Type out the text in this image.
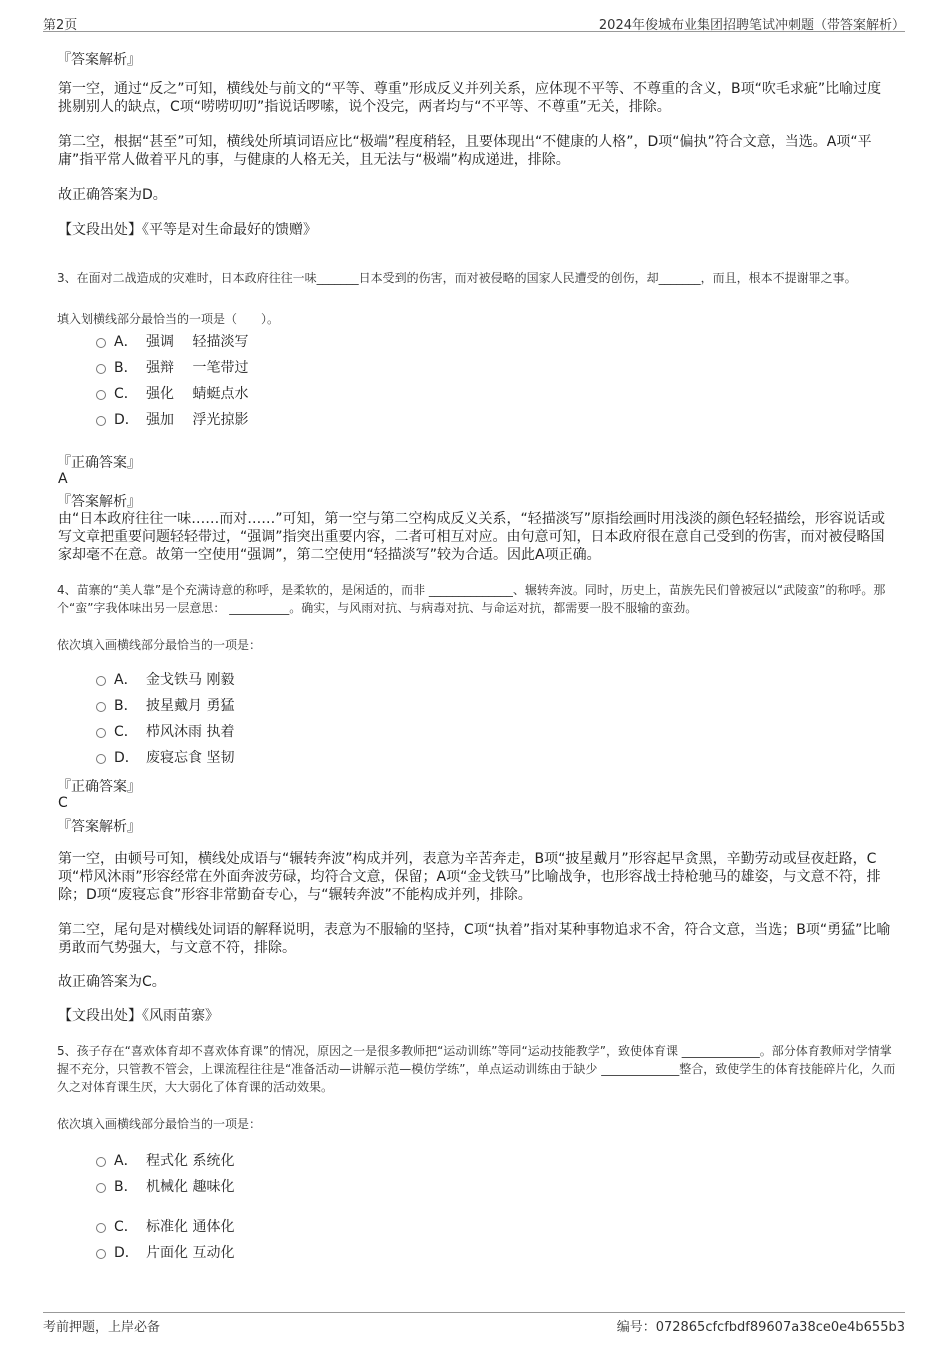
第2页	2024年俊城布业集团招聘笔试冲刺题（带答案解析）
『答案解析』
第一空，通过“反之”可知，横线处与前文的“平等、尊重”形成反义并列关系，应体现不平等、不尊重的含义，B项“吹毛求疵”比喻过度挑剔别人的缺点，C项“唠唠叨叨”指说话啰嗦，说个没完，两者均与“不平等、不尊重”无关，排除。
第二空，根据“甚至”可知，横线处所填词语应比“极端”程度稍轻，且要体现出“不健康的人格”，D项“偏执”符合文意，当选。A项“平庸”指平常人做着平凡的事，与健康的人格无关，且无法与“极端”构成递进，排除。
故正确答案为D。
【文段出处】《平等是对生命最好的馈赠》
3、在面对二战造成的灾难时，日本政府往往一味_______日本受到的伤害，而对被侵略的国家人民遭受的创伤，却_______，而且，根本不提谢罪之事。
填入划横线部分最恰当的一项是（　　）。
A． 强调　 轻描淡写
B． 强辩　 一笔带过
C． 强化　 蜻蜓点水
D． 强加　 浮光掠影
『正确答案』
A
『答案解析』
由“日本政府往往一味……而对……”可知，第一空与第二空构成反义关系，“轻描淡写”原指绘画时用浅淡的颜色轻轻描绘，形容说话或写文章把重要问题轻轻带过，“强调”指突出重要内容，二者可相互对应。由句意可知，日本政府很在意自己受到的伤害，而对被侵略国家却毫不在意。故第一空使用“强调”，第二空使用“轻描淡写”较为合适。因此A项正确。
4、苗寨的“美人靠”是个充满诗意的称呼，是柔软的，是闲适的，而非 ______________、辗转奔波。同时，历史上，苗族先民们曾被冠以“武陵蛮”的称呼。那个“蛮”字我体味出另一层意思： __________。确实，与风雨对抗、与病毒对抗、与命运对抗，都需要一股不服输的蛮劲。
依次填入画横线部分最恰当的一项是：
A． 金戈铁马 刚毅
B． 披星戴月 勇猛
C． 栉风沐雨 执着
D． 废寝忘食 坚韧
『正确答案』
C
『答案解析』
第一空，由顿号可知，横线处成语与“辗转奔波”构成并列，表意为辛苦奔走，B项“披星戴月”形容起早贪黑，辛勤劳动或昼夜赶路，C项“栉风沐雨”形容经常在外面奔波劳碌，均符合文意，保留；A项“金戈铁马”比喻战争，也形容战士持枪驰马的雄姿，与文意不符，排除；D项“废寝忘食”形容非常勤奋专心，与“辗转奔波”不能构成并列，排除。
第二空，尾句是对横线处词语的解释说明，表意为不服输的坚持，C项“执着”指对某种事物追求不舍，符合文意，当选；B项“勇猛”比喻勇敢而气势强大，与文意不符，排除。
故正确答案为C。
【文段出处】《风雨苗寨》
5、孩子存在“喜欢体育却不喜欢体育课”的情况，原因之一是很多教师把“运动训练”等同“运动技能教学”，致使体育课 _____________。部分体育教师对学情掌握不充分，只管教不管会，上课流程往往是“准备活动—讲解示范—模仿学练”，单点运动训练由于缺少 _____________整合，致使学生的体育技能碎片化，久而久之对体育课生厌，大大弱化了体育课的活动效果。
依次填入画横线部分最恰当的一项是：
A． 程式化 系统化
B． 机械化 趣味化
C． 标准化 通体化
D． 片面化 互动化
考前押题，上岸必备	编号：072865cfcfbdf89607a38ce0e4b655b3
